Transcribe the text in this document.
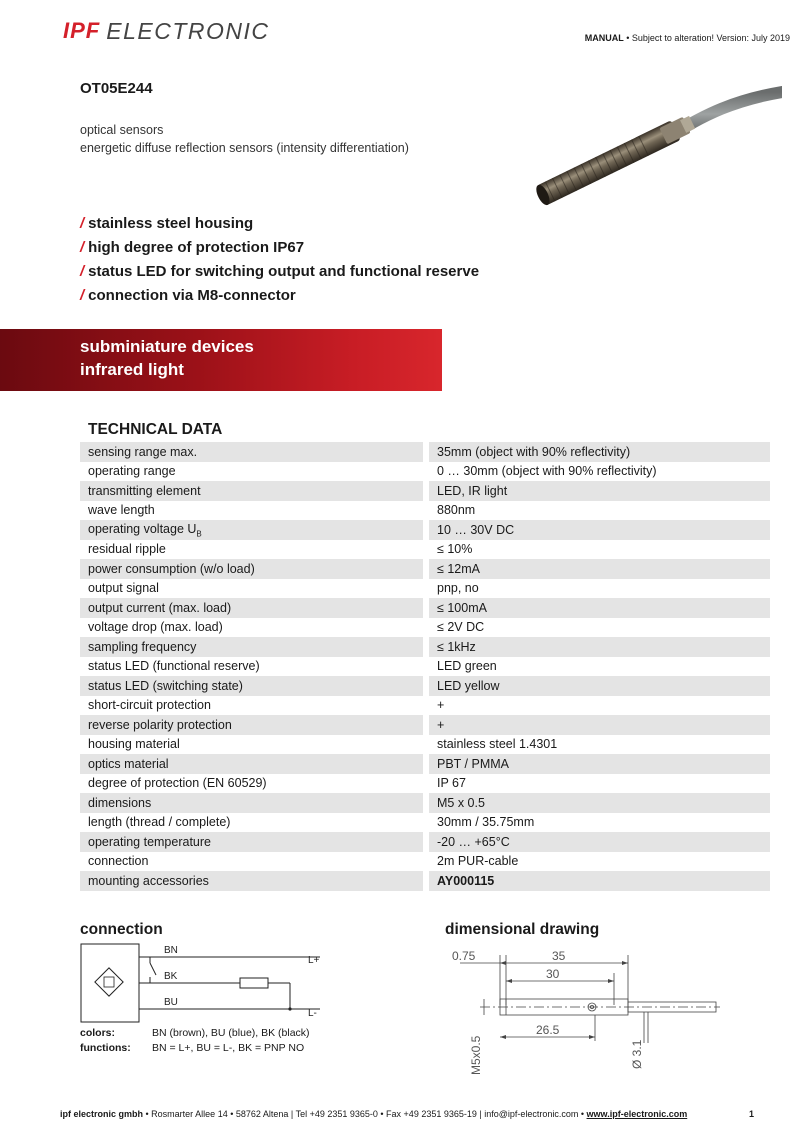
IPF ELECTRONIC	MANUAL • Subject to alteration! Version: July 2019
OT05E244
optical sensors
energetic diffuse reflection sensors (intensity differentiation)
/ stainless steel housing
/ high degree of protection IP67
/ status LED for switching output and functional reserve
/ connection via M8-connector
subminiature devices
infrared light
TECHNICAL DATA
sensing range max.	35mm (object with 90% reflectivity)
operating range	0 … 30mm (object with 90% reflectivity)
transmitting element	LED, IR light
wave length	880nm
operating voltage $U_B$	10 … 30V DC
residual ripple	≤ 10%
power consumption (w/o load)	≤ 12mA
output signal	pnp, no
output current (max. load)	≤ 100mA
voltage drop (max. load)	≤ 2V DC
sampling frequency	≤ 1kHz
status LED (functional reserve)	LED green
status LED (switching state)	LED yellow
short-circuit protection	+
reverse polarity protection	+
housing material	stainless steel 1.4301
optics material	PBT / PMMA
degree of protection (EN 60529)	IP 67
dimensions	M5 x 0.5
length (thread / complete)	30mm / 35.75mm
operating temperature	-20 … +65°C
connection	2m PUR-cable
mounting accessories	AY000115
connection
BN
BK
BU
L+
L-
colors:	BN (brown), BU (blue), BK (black)
functions: BN = L+, BU = L-, BK = PNP NO
dimensional drawing
0.75	35
30
26.5
M5x0.5	Ø 3.1
ipf electronic gmbh • Rosmarter Allee 14 • 58762 Altena | Tel +49 2351 9365-0 • Fax +49 2351 9365-19 | info@ipf-electronic.com • www.ipf-electronic.com	1
